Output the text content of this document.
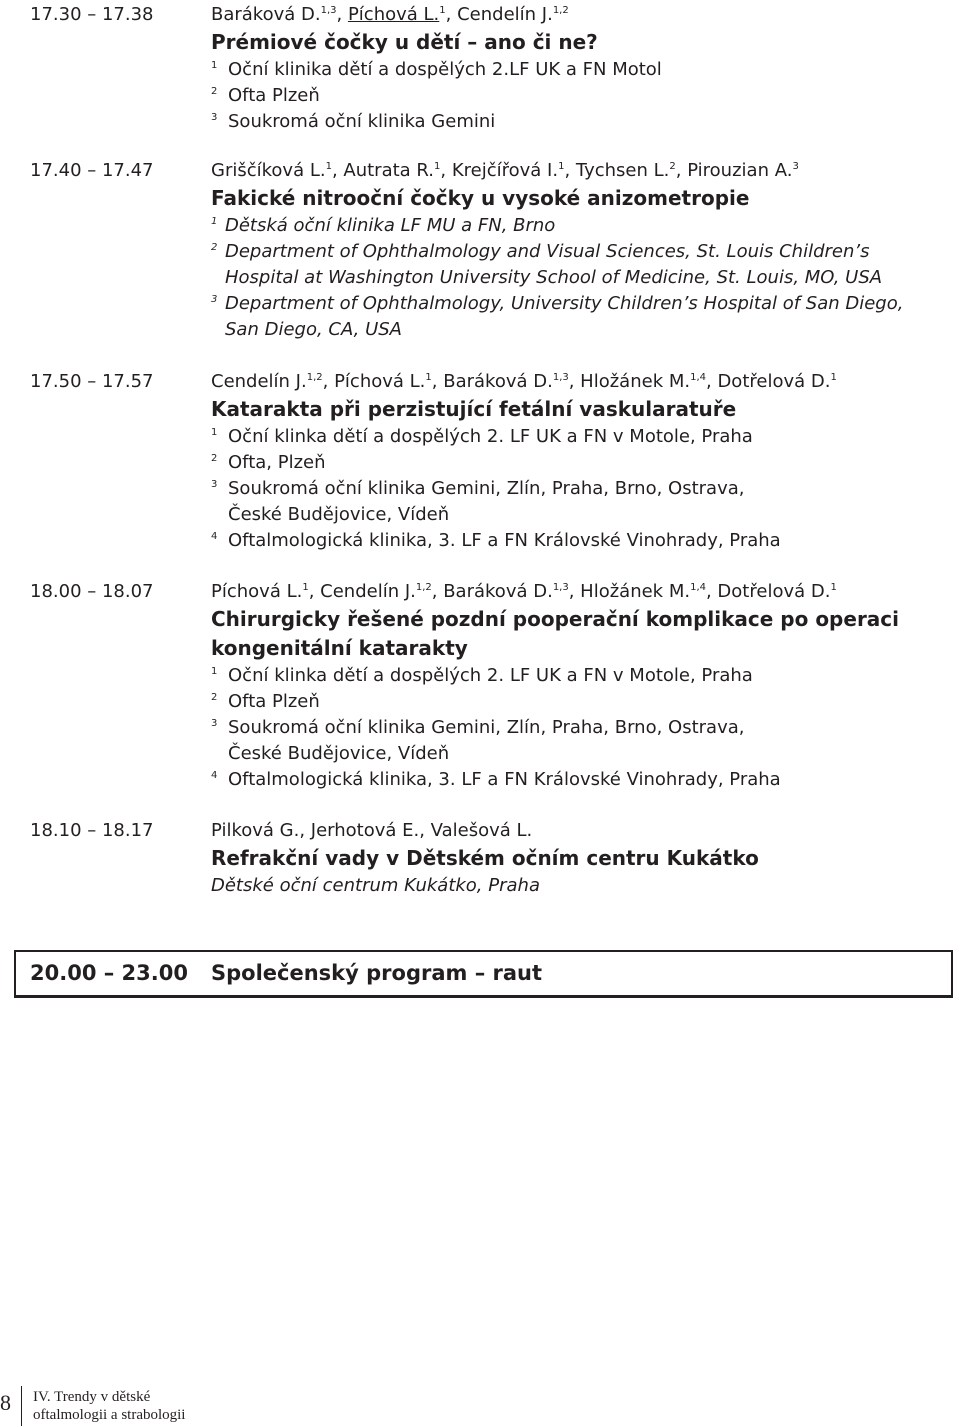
17.30 – 17.38	Baráková D.$^{1,3}$, Píchová L.$^1$, Cendelín J.$^{1,2}$
Prémiové čočky u dětí – ano či ne?
1 Oční klinika dětí a dospělých 2.LF UK a FN Motol
2 Ofta Plzeň
3 Soukromá oční klinika Gemini
17.40 – 17.47	Griščíková L.$^1$, Autrata R.$^1$, Krejčířová I.$^1$, Tychsen L.$^2$, Pirouzian A.$^3$
Fakické nitrooční čočky u vysoké anizometropie
1 Dětská oční klinika LF MU a FN, Brno
2 Department of Ophthalmology and Visual Sciences, St. Louis Children’s
Hospital at Washington University School of Medicine, St. Louis, MO, USA
3 Department of Ophthalmology, University Children’s Hospital of San Diego,
San Diego, CA, USA
17.50 – 17.57	Cendelín J.$^{1,2}$, Píchová L.$^1$, Baráková D.$^{1,3}$, Hložánek M.$^{1,4}$, Dotřelová D.$^1$
Katarakta při perzistující fetální vaskularatuře
1 Oční klinka dětí a dospělých 2. LF UK a FN v Motole, Praha
2 Ofta, Plzeň
3 Soukromá oční klinika Gemini, Zlín, Praha, Brno, Ostrava,
České Budějovice, Vídeň
4 Oftalmologická klinika, 3. LF a FN Královské Vinohrady, Praha
18.00 – 18.07	Píchová L.$^1$, Cendelín J.$^{1,2}$, Baráková D.$^{1,3}$, Hložánek M.$^{1,4}$, Dotřelová D.$^1$
Chirurgicky řešené pozdní pooperační komplikace po operaci
kongenitální katarakty
1 Oční klinka dětí a dospělých 2. LF UK a FN v Motole, Praha
2 Ofta Plzeň
3 Soukromá oční klinika Gemini, Zlín, Praha, Brno, Ostrava,
České Budějovice, Vídeň
4 Oftalmologická klinika, 3. LF a FN Královské Vinohrady, Praha
18.10 – 18.17	Pilková G., Jerhotová E., Valešová L.
Refrakční vady v Dětském očním centru Kukátko
Dětské oční centrum Kukátko, Praha
20.00 – 23.00 Společenský program – raut
8 IV. Trendy v dětské
oftalmologii a strabologii
